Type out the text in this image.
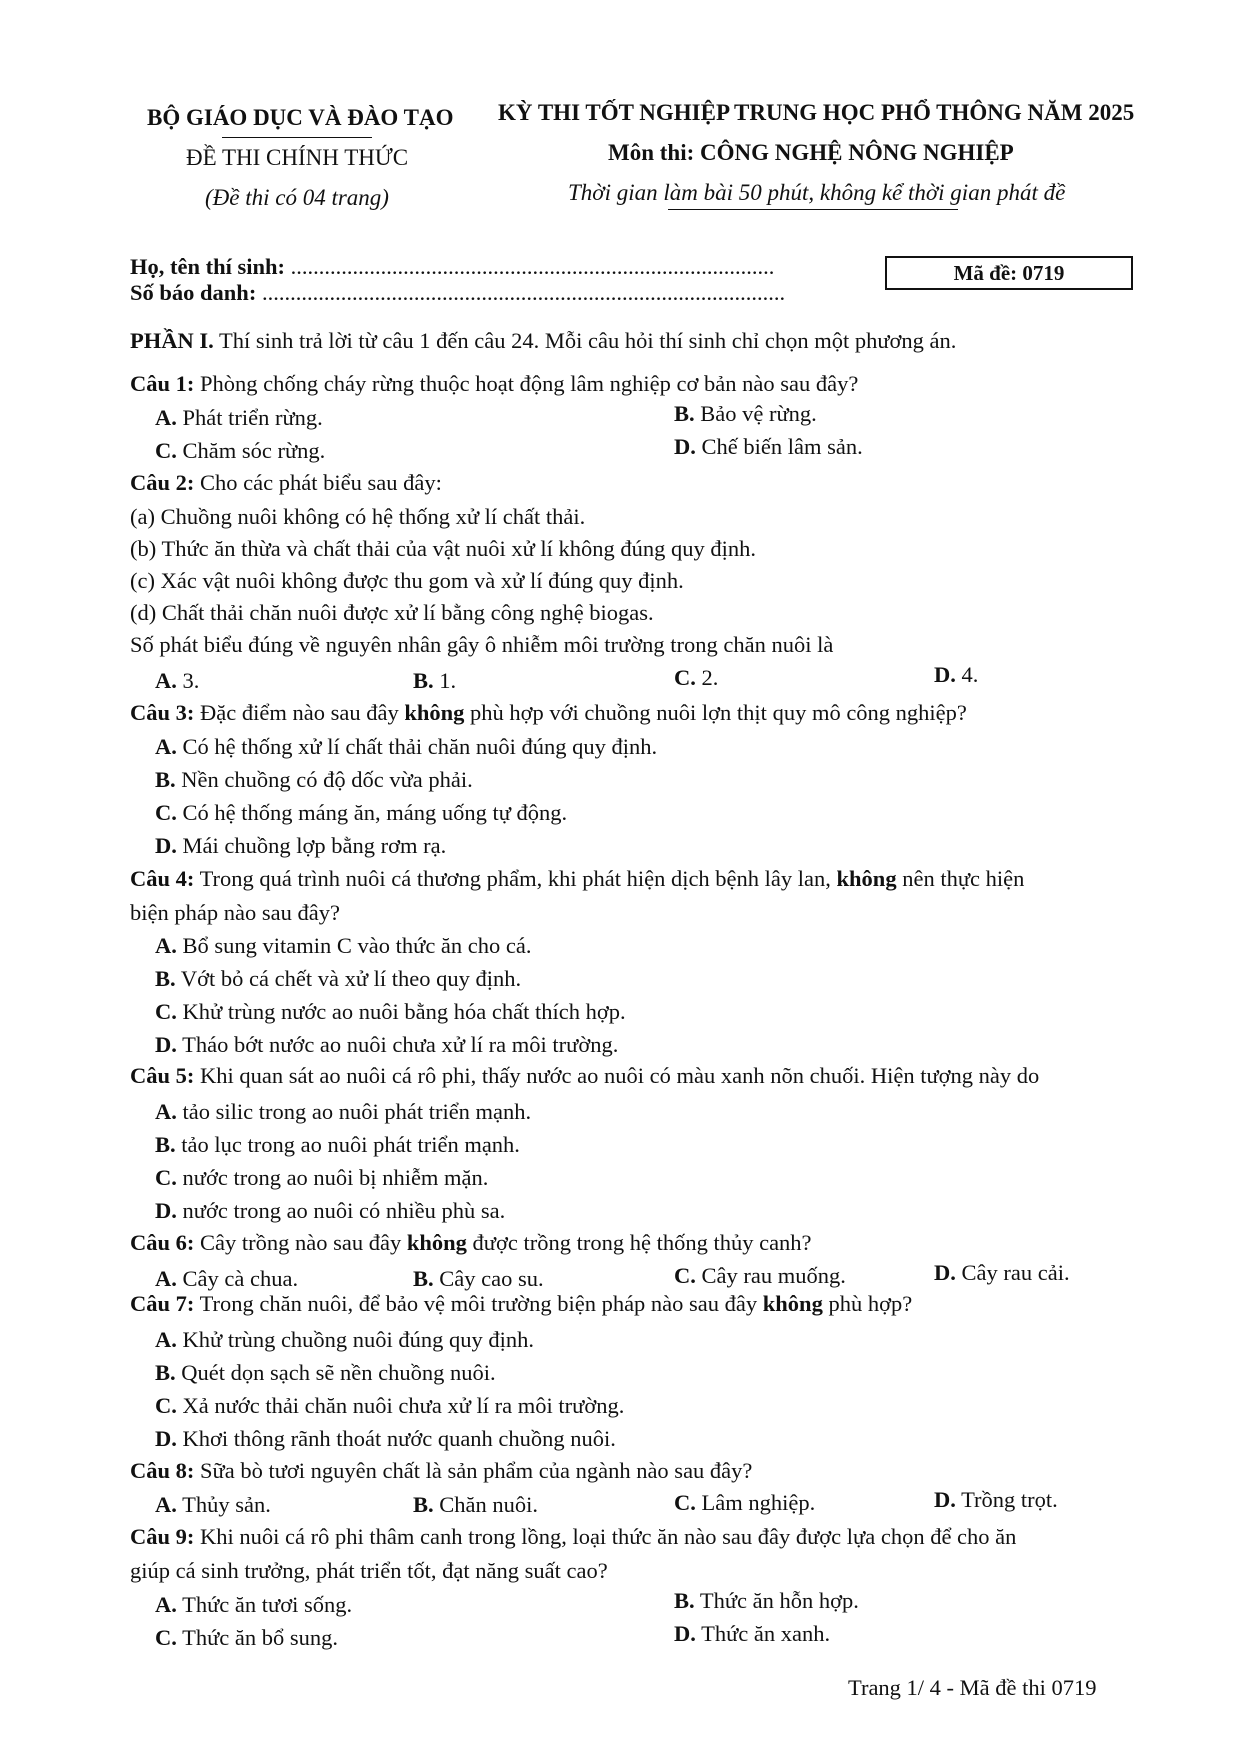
BỘ GIÁO DỤC VÀ ĐÀO TẠO
ĐỀ THI CHÍNH THỨC
(Đề thi có 04 trang)
KỲ THI TỐT NGHIỆP TRUNG HỌC PHỔ THÔNG NĂM 2025
Môn thi: CÔNG NGHỆ NÔNG NGHIỆP
Thời gian làm bài 50 phút, không kể thời gian phát đề
Họ, tên thí sinh: ......................................................................................
Số báo danh: .............................................................................................
Mã đề:
0719
PHẦN I. Thí sinh trả lời từ câu 1 đến câu 24. Mỗi câu hỏi thí sinh chỉ chọn một phương án.
Câu 1: Phòng chống cháy rừng thuộc hoạt động lâm nghiệp cơ bản nào sau đây?
A. Phát triển rừng.	B. Bảo vệ rừng.
C. Chăm sóc rừng.	D. Chế biến lâm sản.
Câu 2: Cho các phát biểu sau đây:
(a) Chuồng nuôi không có hệ thống xử lí chất thải.
(b) Thức ăn thừa và chất thải của vật nuôi xử lí không đúng quy định.
(c) Xác vật nuôi không được thu gom và xử lí đúng quy định.
(d) Chất thải chăn nuôi được xử lí bằng công nghệ biogas.
Số phát biểu đúng về nguyên nhân gây ô nhiễm môi trường trong chăn nuôi là
A. 3.	B. 1.	C. 2.	D. 4.
Câu 3: Đặc điểm nào sau đây không phù hợp với chuồng nuôi lợn thịt quy mô công nghiệp?
A. Có hệ thống xử lí chất thải chăn nuôi đúng quy định.
B. Nền chuồng có độ dốc vừa phải.
C. Có hệ thống máng ăn, máng uống tự động.
D. Mái chuồng lợp bằng rơm rạ.
Câu 4: Trong quá trình nuôi cá thương phẩm, khi phát hiện dịch bệnh lây lan, không nên thực hiện
biện pháp nào sau đây?
A. Bổ sung vitamin C vào thức ăn cho cá.
B. Vớt bỏ cá chết và xử lí theo quy định.
C. Khử trùng nước ao nuôi bằng hóa chất thích hợp.
D. Tháo bớt nước ao nuôi chưa xử lí ra môi trường.
Câu 5: Khi quan sát ao nuôi cá rô phi, thấy nước ao nuôi có màu xanh nõn chuối. Hiện tượng này do
A. tảo silic trong ao nuôi phát triển mạnh.
B. tảo lục trong ao nuôi phát triển mạnh.
C. nước trong ao nuôi bị nhiễm mặn.
D. nước trong ao nuôi có nhiều phù sa.
Câu 6: Cây trồng nào sau đây không được trồng trong hệ thống thủy canh?
A. Cây cà chua.	B. Cây cao su.	C. Cây rau muống.	D. Cây rau cải.
Câu 7: Trong chăn nuôi, để bảo vệ môi trường biện pháp nào sau đây không phù hợp?
A. Khử trùng chuồng nuôi đúng quy định.
B. Quét dọn sạch sẽ nền chuồng nuôi.
C. Xả nước thải chăn nuôi chưa xử lí ra môi trường.
D. Khơi thông rãnh thoát nước quanh chuồng nuôi.
Câu 8: Sữa bò tươi nguyên chất là sản phẩm của ngành nào sau đây?
A. Thủy sản.	B. Chăn nuôi.	C. Lâm nghiệp.	D. Trồng trọt.
Câu 9: Khi nuôi cá rô phi thâm canh trong lồng, loại thức ăn nào sau đây được lựa chọn để cho ăn
giúp cá sinh trưởng, phát triển tốt, đạt năng suất cao?
A. Thức ăn tươi sống.	B. Thức ăn hỗn hợp.
C. Thức ăn bổ sung.	D. Thức ăn xanh.
Trang 1/ 4 - Mã đề thi 0719
